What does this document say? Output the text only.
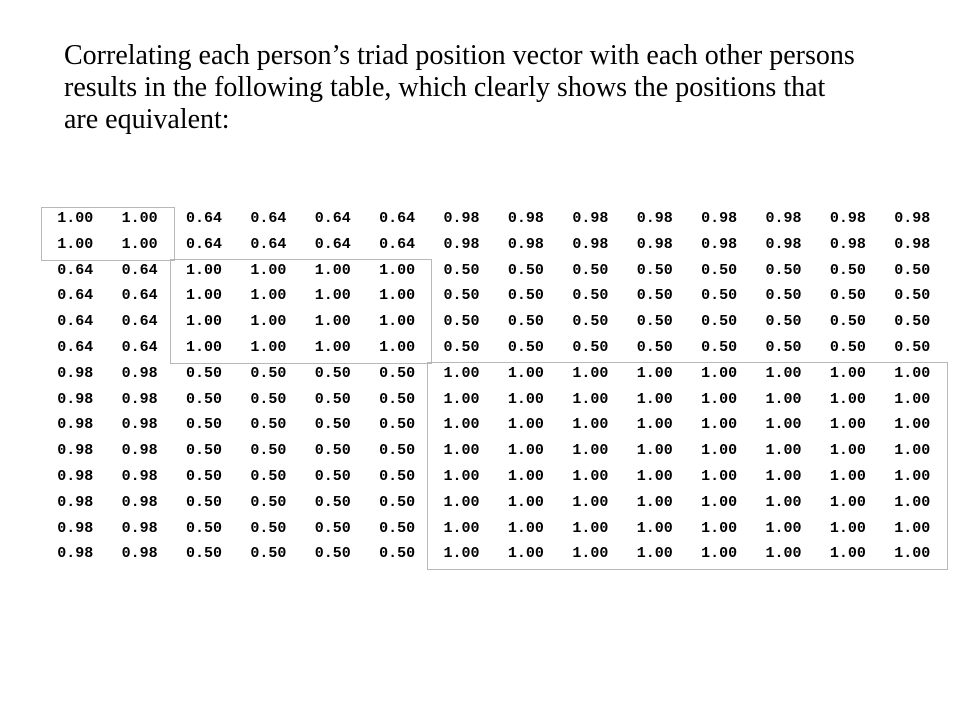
Correlating each person’s triad position vector with each other persons results in the following table, which clearly shows the positions that are equivalent:

1.00 1.00 0.64 0.64 0.64 0.64 0.98 0.98 0.98 0.98 0.98 0.98 0.98 0.98
1.00 1.00 0.64 0.64 0.64 0.64 0.98 0.98 0.98 0.98 0.98 0.98 0.98 0.98
0.64 0.64 1.00 1.00 1.00 1.00 0.50 0.50 0.50 0.50 0.50 0.50 0.50 0.50
0.64 0.64 1.00 1.00 1.00 1.00 0.50 0.50 0.50 0.50 0.50 0.50 0.50 0.50
0.64 0.64 1.00 1.00 1.00 1.00 0.50 0.50 0.50 0.50 0.50 0.50 0.50 0.50
0.64 0.64 1.00 1.00 1.00 1.00 0.50 0.50 0.50 0.50 0.50 0.50 0.50 0.50
0.98 0.98 0.50 0.50 0.50 0.50 1.00 1.00 1.00 1.00 1.00 1.00 1.00 1.00
0.98 0.98 0.50 0.50 0.50 0.50 1.00 1.00 1.00 1.00 1.00 1.00 1.00 1.00
0.98 0.98 0.50 0.50 0.50 0.50 1.00 1.00 1.00 1.00 1.00 1.00 1.00 1.00
0.98 0.98 0.50 0.50 0.50 0.50 1.00 1.00 1.00 1.00 1.00 1.00 1.00 1.00
0.98 0.98 0.50 0.50 0.50 0.50 1.00 1.00 1.00 1.00 1.00 1.00 1.00 1.00
0.98 0.98 0.50 0.50 0.50 0.50 1.00 1.00 1.00 1.00 1.00 1.00 1.00 1.00
0.98 0.98 0.50 0.50 0.50 0.50 1.00 1.00 1.00 1.00 1.00 1.00 1.00 1.00
0.98 0.98 0.50 0.50 0.50 0.50 1.00 1.00 1.00 1.00 1.00 1.00 1.00 1.00
